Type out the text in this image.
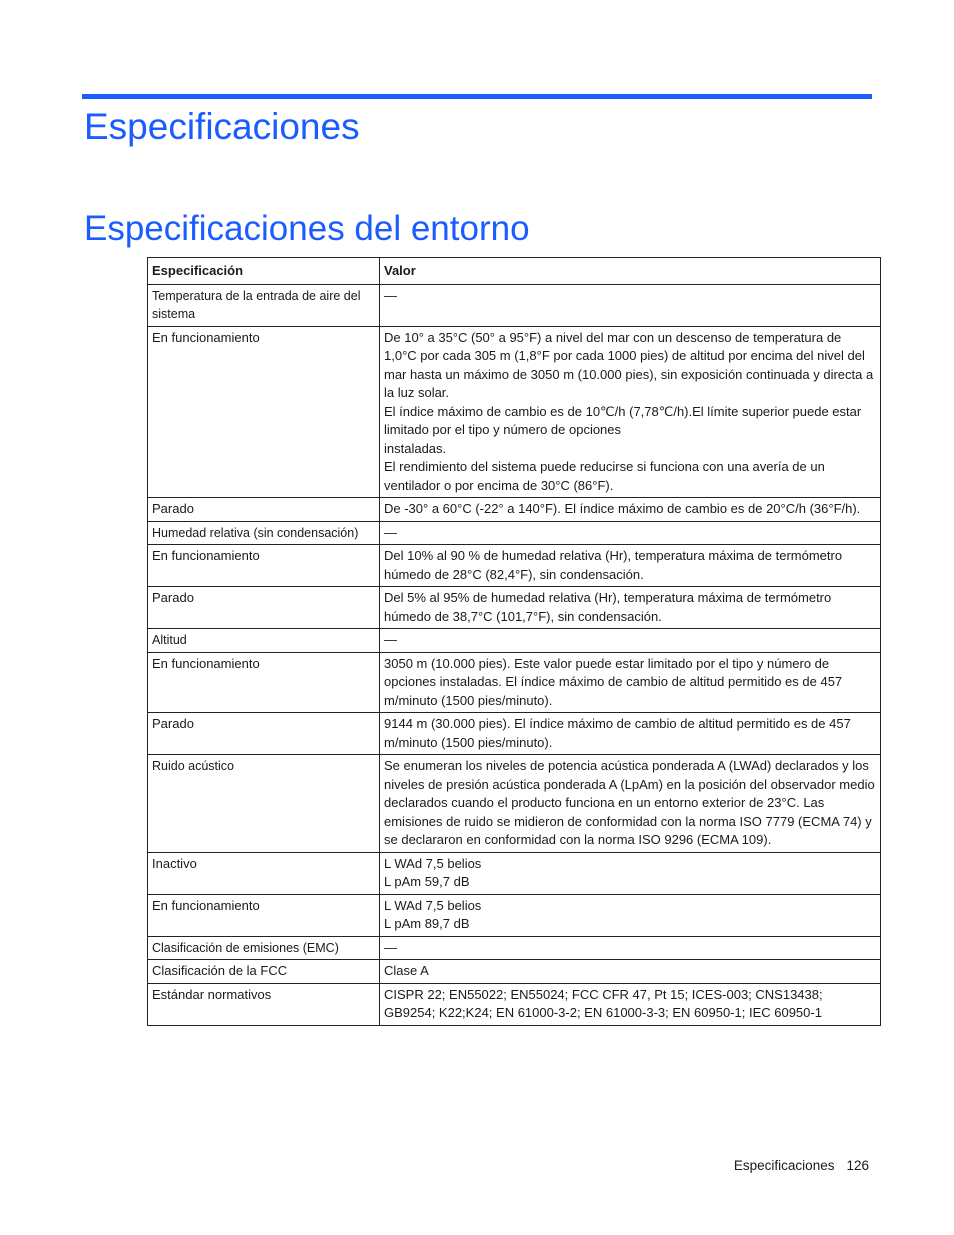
Especificaciones
Especificaciones del entorno
Especificación	Valor
Temperatura de la entrada de aire del sistema	—

En funcionamiento	De 10° a 35°C (50° a 95°F) a nivel del mar con un descenso de temperatura de 1,0°C por cada 305 m (1,8°F por cada 1000 pies) de altitud por encima del nivel del mar hasta un máximo de 3050 m (10.000 pies), sin exposición continuada y directa a la luz solar.
El índice máximo de cambio es de 10℃/h (7,78℃/h).El límite superior puede estar limitado por el tipo y número de opciones
instaladas.
El rendimiento del sistema puede reducirse si funciona con una avería de un ventilador o por encima de 30°C (86°F).

Parado	De -30° a 60°C (-22° a 140°F). El índice máximo de cambio es de 20°C/h (36°F/h).

Humedad relativa (sin condensación)	—

En funcionamiento	Del 10% al 90 % de humedad relativa (Hr), temperatura máxima de termómetro húmedo de 28°C (82,4°F), sin condensación.

Parado	Del 5% al 95% de humedad relativa (Hr), temperatura máxima de termómetro húmedo de 38,7°C (101,7°F), sin condensación.

Altitud	—

En funcionamiento	3050 m (10.000 pies). Este valor puede estar limitado por el tipo y número de opciones instaladas. El índice máximo de cambio de altitud permitido es de 457 m/minuto (1500 pies/minuto).

Parado	9144 m (30.000 pies). El índice máximo de cambio de altitud permitido es de 457 m/minuto (1500 pies/minuto).

Ruido acústico	Se enumeran los niveles de potencia acústica ponderada A (LWAd) declarados y los niveles de presión acústica ponderada A (LpAm) en la posición del observador medio declarados cuando el producto funciona en un entorno exterior de 23°C. Las emisiones de ruido se midieron de conformidad con la norma ISO 7779 (ECMA 74) y se declararon en conformidad con la norma ISO 9296 (ECMA 109).

Inactivo	L WAd 7,5 belios
L pAm 59,7 dB

En funcionamiento	L WAd 7,5 belios
L pAm 89,7 dB

Clasificación de emisiones (EMC)	—

Clasificación de la FCC	Clase A

Estándar normativos	CISPR 22; EN55022; EN55024; FCC CFR 47, Pt 15; ICES-003; CNS13438; GB9254; K22;K24; EN 61000-3-2; EN 61000-3-3; EN 60950-1; IEC 60950-1
Especificaciones 126
